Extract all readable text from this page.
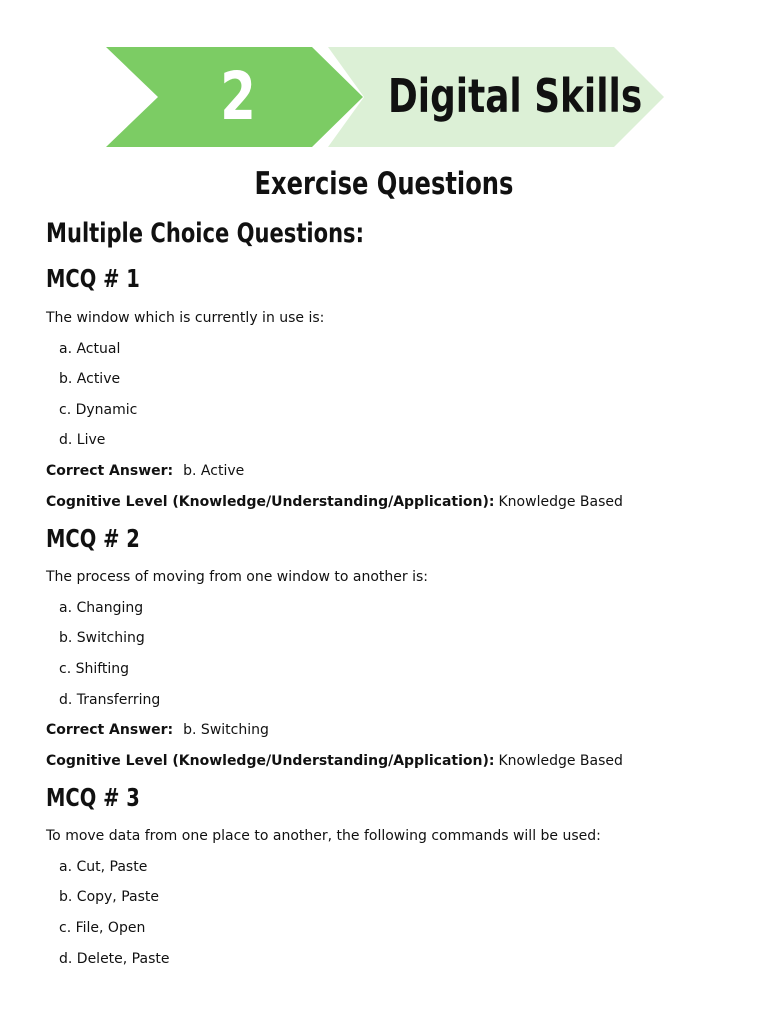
2	Digital Skills
Exercise Questions
Multiple Choice Questions:
MCQ # 1
The window which is currently in use is:
a. Actual
b. Active
c. Dynamic
d. Live
Correct Answer: b. Active
Cognitive Level (Knowledge/Understanding/Application): Knowledge Based
MCQ # 2
The process of moving from one window to another is:
a. Changing
b. Switching
c. Shifting
d. Transferring
Correct Answer: b. Switching
Cognitive Level (Knowledge/Understanding/Application): Knowledge Based
MCQ # 3
To move data from one place to another, the following commands will be used:
a. Cut, Paste
b. Copy, Paste
c. File, Open
d. Delete, Paste
